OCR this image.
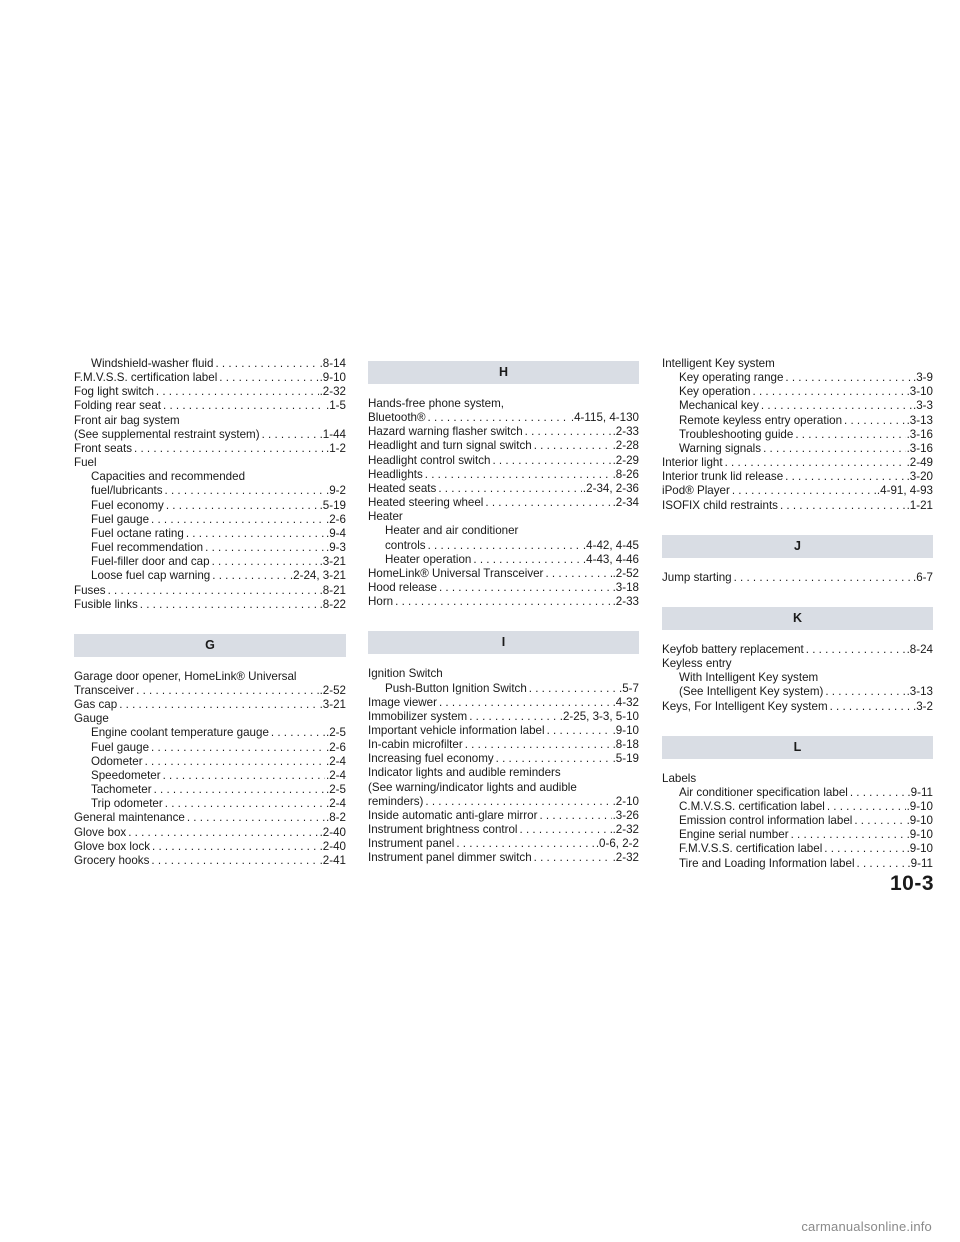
Windshield-washer fluid . . .	.8-14
F.M.V.S.S. certification label . . .	.9-10
Fog light switch . . .	.2-32
Folding rear seat . . .	.1-5
Front air bag system
(See supplemental restraint system) . . .	.1-44
Front seats . . .	.1-2
Fuel
Capacities and recommended
fuel/lubricants . . .	.9-2
Fuel economy . . .	.5-19
Fuel gauge . . .	.2-6
Fuel octane rating . . .	.9-4
Fuel recommendation . . .	.9-3
Fuel-filler door and cap . . .	.3-21
Loose fuel cap warning . . .	.2-24, 3-21
Fuses . . .	.8-21
Fusible links . . .	.8-22
G
Garage door opener, HomeLink® Universal
Transceiver . . .	.2-52
Gas cap . . .	.3-21
Gauge
Engine coolant temperature gauge . . .	.2-5
Fuel gauge . . .	.2-6
Odometer . . .	.2-4
Speedometer . . .	.2-4
Tachometer . . .	.2-5
Trip odometer . . .	.2-4
General maintenance . . .	.8-2
Glove box . . .	.2-40
Glove box lock . . .	.2-40
Grocery hooks . . .	.2-41
H
Hands-free phone system,
Bluetooth® . . .	.4-115, 4-130
Hazard warning flasher switch . . .	.2-33
Headlight and turn signal switch . . .	.2-28
Headlight control switch . . .	.2-29
Headlights . . .	.8-26
Heated seats . . .	.2-34, 2-36
Heated steering wheel . . .	.2-34
Heater
Heater and air conditioner
controls . . .	.4-42, 4-45
Heater operation . . .	.4-43, 4-46
HomeLink® Universal Transceiver . . .	.2-52
Hood release . . .	.3-18
Horn . . .	.2-33
I
Ignition Switch
Push-Button Ignition Switch . . .	.5-7
Image viewer . . .	.4-32
Immobilizer system . . .	.2-25, 3-3, 5-10
Important vehicle information label . . .	.9-10
In-cabin microfilter . . .	.8-18
Increasing fuel economy . . .	.5-19
Indicator lights and audible reminders
(See warning/indicator lights and audible
reminders) . . .	.2-10
Inside automatic anti-glare mirror . . .	.3-26
Instrument brightness control . . .	.2-32
Instrument panel . . .	.0-6, 2-2
Instrument panel dimmer switch . . .	.2-32
Intelligent Key system
Key operating range . . .	.3-9
Key operation . . .	.3-10
Mechanical key . . .	.3-3
Remote keyless entry operation . . .	.3-13
Troubleshooting guide . . .	.3-16
Warning signals . . .	.3-16
Interior light . . .	.2-49
Interior trunk lid release . . .	.3-20
iPod® Player . . .	.4-91, 4-93
ISOFIX child restraints . . .	.1-21
J
Jump starting . . .	.6-7
K
Keyfob battery replacement . . .	.8-24
Keyless entry
With Intelligent Key system
(See Intelligent Key system) . . .	.3-13
Keys, For Intelligent Key system . . .	.3-2
L
Labels
Air conditioner specification label . . .	.9-11
C.M.V.S.S. certification label . . .	.9-10
Emission control information label . . .	.9-10
Engine serial number . . .	.9-10
F.M.V.S.S. certification label . . .	.9-10
Tire and Loading Information label . . .	.9-11
10-3
carmanualsonline.info
